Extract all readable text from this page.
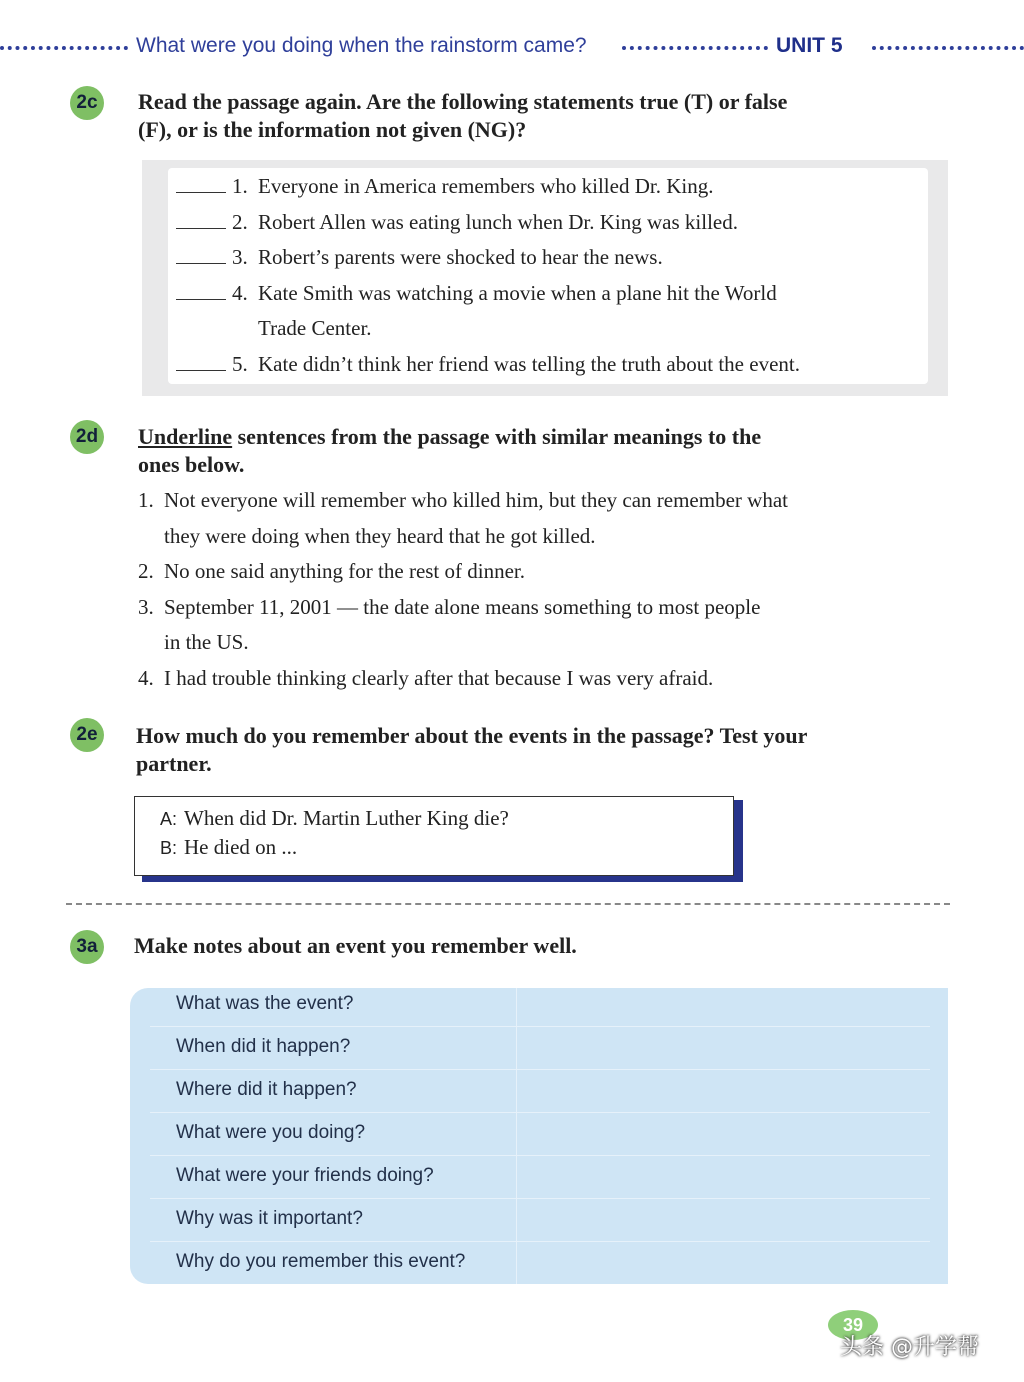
What were you doing when the rainstorm came?	UNIT 5
2c Read the passage again. Are the following statements true (T) or false
(F), or is the information not given (NG)?
1. Everyone in America remembers who killed Dr. King.
2. Robert Allen was eating lunch when Dr. King was killed.
3. Robert’s parents were shocked to hear the news.
4. Kate Smith was watching a movie when a plane hit the World
Trade Center.
5. Kate didn’t think her friend was telling the truth about the event.
2d Underline sentences from the passage with similar meanings to the
ones below.
1. Not everyone will remember who killed him, but they can remember what
they were doing when they heard that he got killed.
2. No one said anything for the rest of dinner.
3. September 11, 2001 — the date alone means something to most people
in the US.
4. I had trouble thinking clearly after that because I was very afraid.
2e How much do you remember about the events in the passage? Test your
partner.
A: When did Dr. Martin Luther King die?
B: He died on ...
3a Make notes about an event you remember well.
What was the event?
When did it happen?
Where did it happen?
What were you doing?
What were your friends doing?
Why was it important?
Why do you remember this event?
39
头条 @升学帮
